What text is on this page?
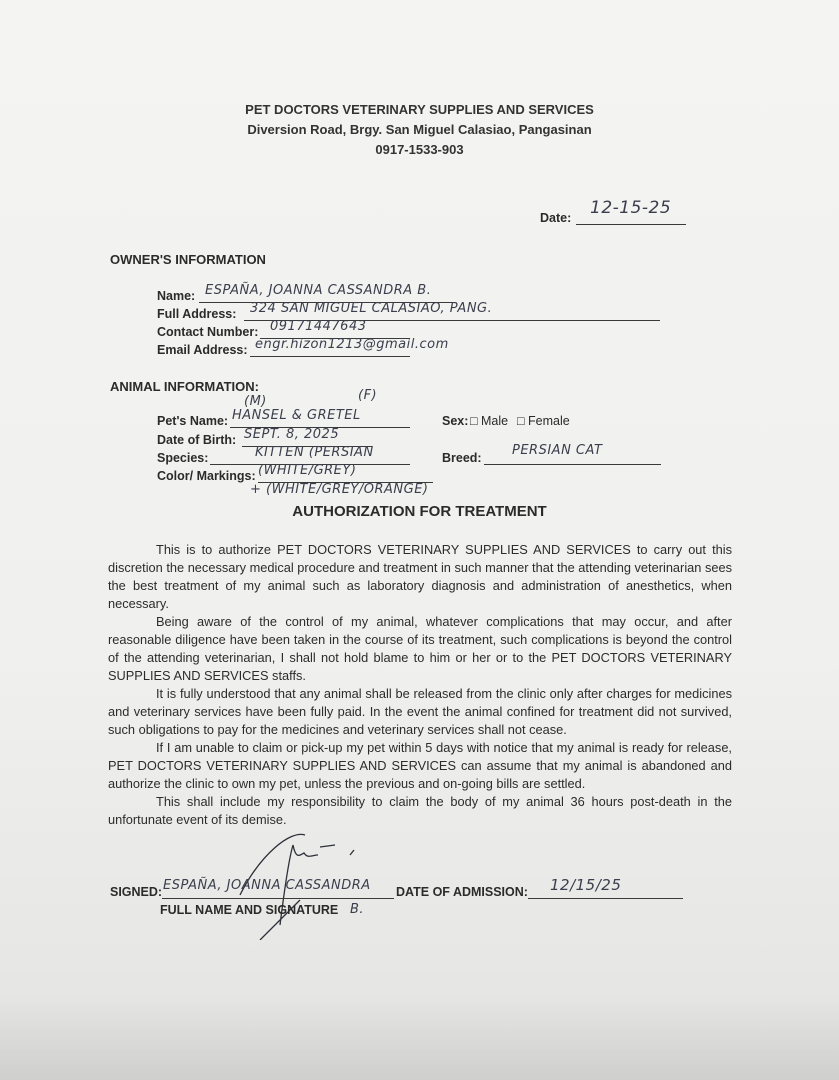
PET DOCTORS VETERINARY SUPPLIES AND SERVICES
Diversion Road, Brgy. San Miguel Calasiao, Pangasinan
0917-1533-903
Date: 12-15-25
OWNER'S INFORMATION
Name: ESPAÑA, JOANNA CASSANDRA B.
Full Address: 324 SAN MIGUEL CALASIAO, PANG.
Contact Number: 09171447643
Email Address: engr.hizon1213@gmail.com
ANIMAL INFORMATION:
(M)	(F)
Pet's Name: HANSEL & GRETEL	Sex: □ Male □ Female
Date of Birth: SEPT. 8, 2025
Species:	KITTEN (PERSIAN	Breed: PERSIAN CAT
Color/ Markings: (WHITE/GREY)
+ (WHITE/GREY/ORANGE)
AUTHORIZATION FOR TREATMENT

This is to authorize PET DOCTORS VETERINARY SUPPLIES AND SERVICES to carry out this discretion the necessary medical procedure and treatment in such manner that the attending veterinarian sees the best treatment of my animal such as laboratory diagnosis and administration of anesthetics, when necessary.

Being aware of the control of my animal, whatever complications that may occur, and after reasonable diligence have been taken in the course of its treatment, such complications is beyond the control of the attending veterinarian, I shall not hold blame to him or her or to the PET DOCTORS VETERINARY SUPPLIES AND SERVICES staffs.

It is fully understood that any animal shall be released from the clinic only after charges for medicines and veterinary services have been fully paid. In the event the animal confined for treatment did not survived, such obligations to pay for the medicines and veterinary services shall not cease.

If I am unable to claim or pick-up my pet within 5 days with notice that my animal is ready for release, PET DOCTORS VETERINARY SUPPLIES AND SERVICES can assume that my animal is abandoned and authorize the clinic to own my pet, unless the previous and on-going bills are settled.

This shall include my responsibility to claim the body of my animal 36 hours post-death in the unfortunate event of its demise.

SIGNED: ESPAÑA, JOANNA CASSANDRA
FULL NAME AND SIGNATURE B.
DATE OF ADMISSION: 12/15/25
